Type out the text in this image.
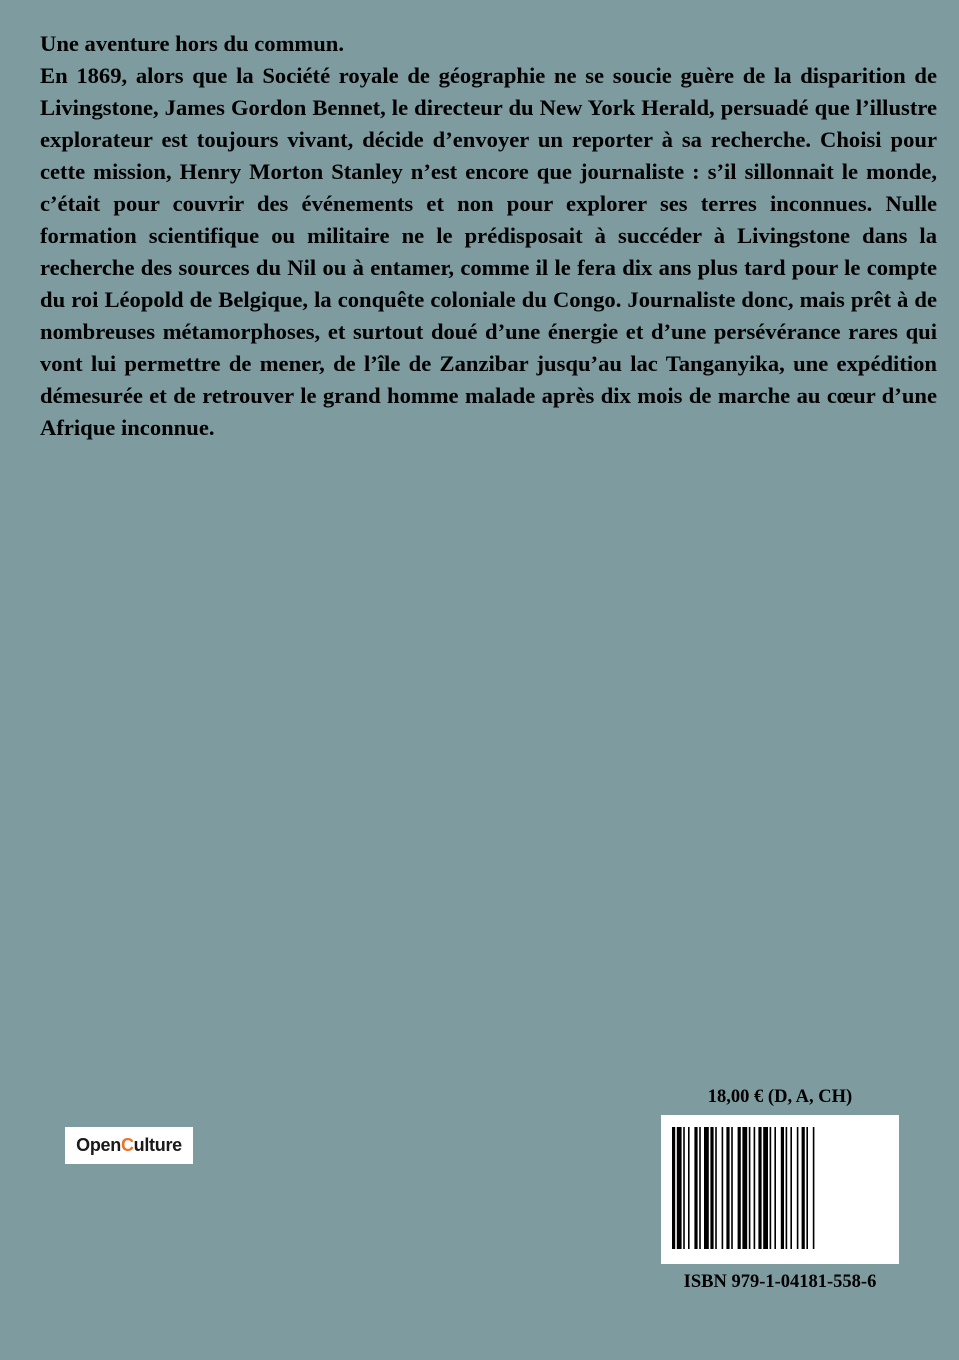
Une aventure hors du commun.

En 1869, alors que la Société royale de géographie ne se soucie guère de la disparition de Livingstone, James Gordon Bennet, le directeur du New York Herald, persuadé que l’illustre explorateur est toujours vivant, décide d’envoyer un reporter à sa recherche. Choisi pour cette mission, Henry Morton Stanley n’est encore que journaliste : s’il sillonnait le monde, c’était pour couvrir des événements et non pour explorer ses terres inconnues. Nulle formation scientifique ou militaire ne le prédisposait à succéder à Livingstone dans la recherche des sources du Nil ou à entamer, comme il le fera dix ans plus tard pour le compte du roi Léopold de Belgique, la conquête coloniale du Congo. Journaliste donc, mais prêt à de nombreuses métamorphoses, et surtout doué d’une énergie et d’une persévérance rares qui vont lui permettre de mener, de l’île de Zanzibar jusqu’au lac Tanganyika, une expédition démesurée et de retrouver le grand homme malade après dix mois de marche au cœur d’une Afrique inconnue.

Open C ulture
18,00 € (D, A, CH)
ISBN 979-1-04181-558-6
